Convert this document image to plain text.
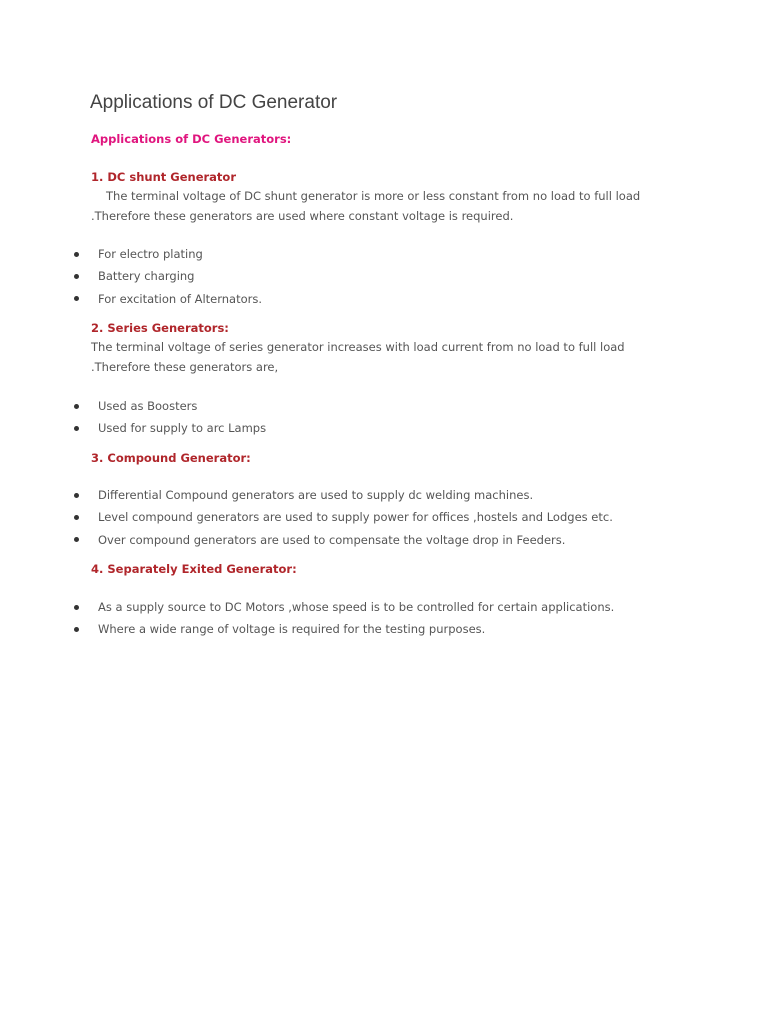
Applications of DC Generator
Applications of DC Generators:
1. DC shunt Generator
The terminal voltage of DC shunt generator is more or less constant from no load to full load
.Therefore these generators are used where constant voltage is required.
For electro plating
Battery charging
For excitation of Alternators.
2. Series Generators:
The terminal voltage of series generator increases with load current from no load to full load
.Therefore these generators are,
Used as Boosters
Used for supply to arc Lamps
3. Compound Generator:
Differential Compound generators are used to supply dc welding machines.
Level compound generators are used to supply power for offices ,hostels and Lodges etc.
Over compound generators are used to compensate the voltage drop in Feeders.
4. Separately Exited Generator:
As a supply source to DC Motors ,whose speed is to be controlled for certain applications.
Where a wide range of voltage is required for the testing purposes.
